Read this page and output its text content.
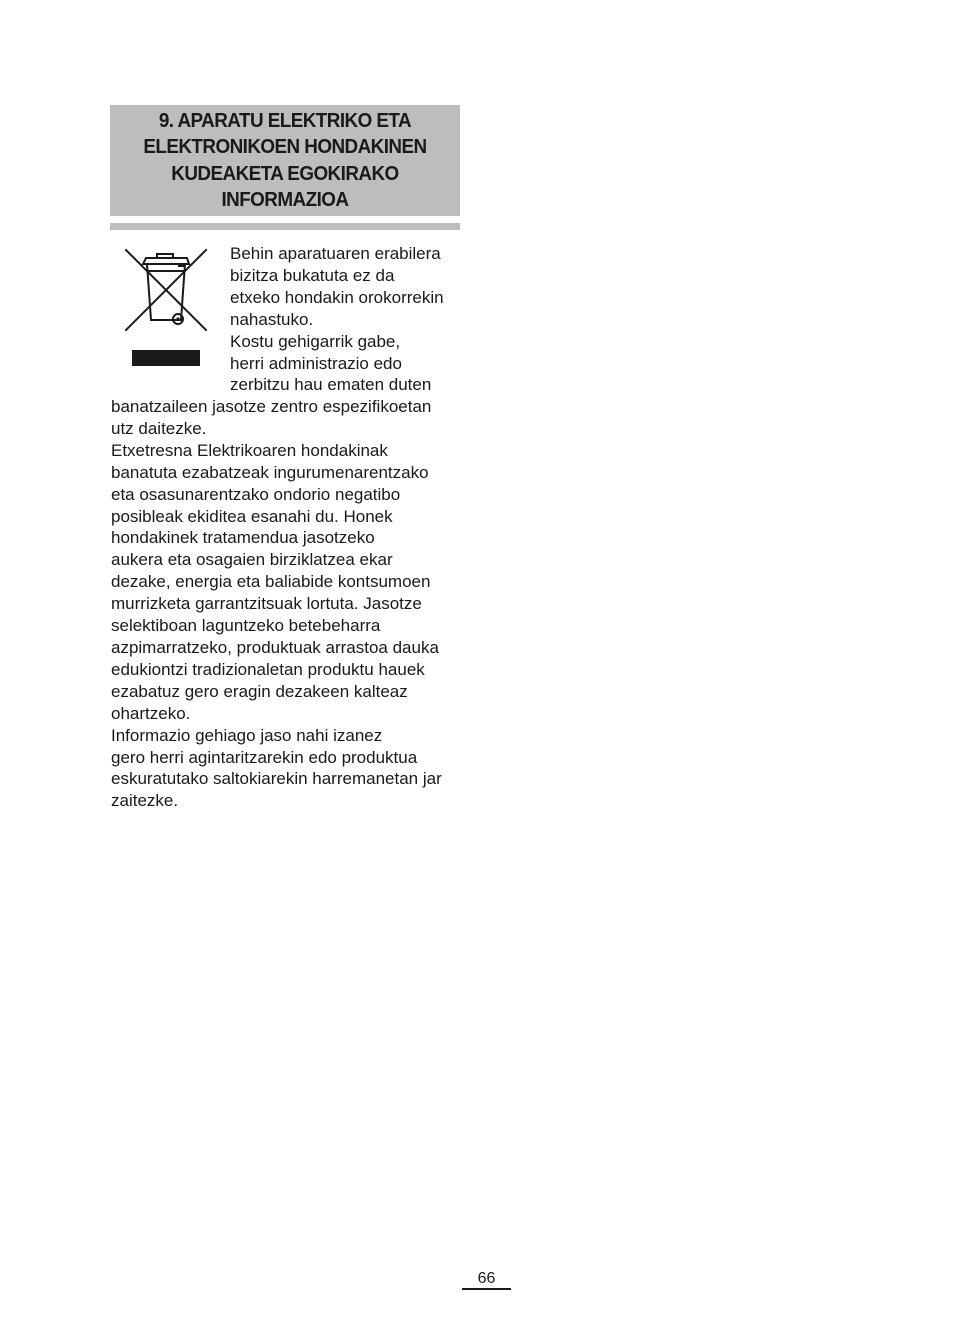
9. APARATU ELEKTRIKO ETA
ELEKTRONIKOEN HONDAKINEN
KUDEAKETA EGOKIRAKO
INFORMAZIOA

Behin aparatuaren erabilera
bizitza bukatuta ez da
etxeko hondakin orokorrekin
nahastuko.
Kostu gehigarrik gabe,
herri administrazio edo
zerbitzu hau ematen duten

banatzaileen jasotze zentro espezifikoetan
utz daitezke.
Etxetresna Elektrikoaren hondakinak
banatuta ezabatzeak ingurumenarentzako
eta osasunarentzako ondorio negatibo
posibleak ekiditea esanahi du. Honek
hondakinek tratamendua jasotzeko
aukera eta osagaien birziklatzea ekar
dezake, energia eta baliabide kontsumoen
murrizketa garrantzitsuak lortuta. Jasotze
selektiboan laguntzeko betebeharra
azpimarratzeko, produktuak arrastoa dauka
edukiontzi tradizionaletan produktu hauek
ezabatuz gero eragin dezakeen kalteaz
ohartzeko.
Informazio gehiago jaso nahi izanez
gero herri agintaritzarekin edo produktua
eskuratutako saltokiarekin harremanetan jar
zaitezke.

66
